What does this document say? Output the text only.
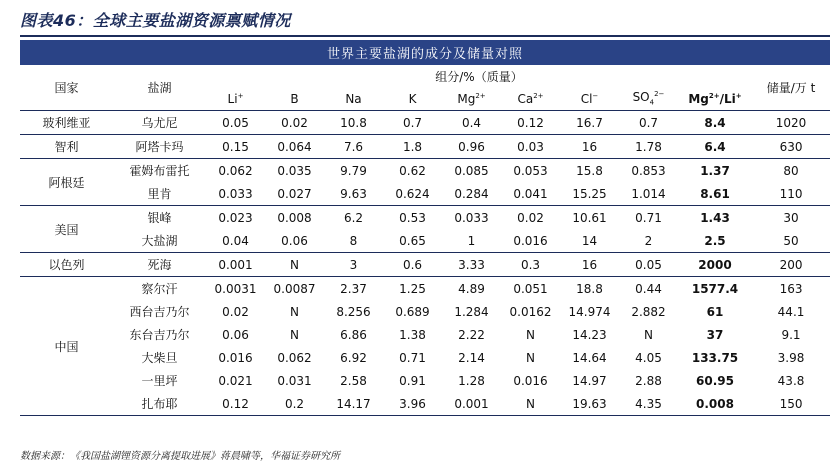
图表46：全球主要盐湖资源禀赋情况
世界主要盐湖的成分及储量对照											
国家	盐湖	组分/%（质量）									储量/万 t
		Li+	B	Na	K	$Mg^{2+}$	$Ca^{2+}$	Cl−	$SO_4^{2-}$	$Mg^{2+}/Li^+$
玻利维亚	乌尤尼	0.05	0.02	10.8	0.7	0.4	0.12	16.7	0.7	8.4	1020
智利	阿塔卡玛	0.15	0.064	7.6	1.8	0.96	0.03	16	1.78	6.4	630
阿根廷	霍姆布雷托	0.062	0.035	9.79	0.62	0.085	0.053	15.8	0.853	1.37	80
	里肯	0.033	0.027	9.63	0.624	0.284	0.041	15.25	1.014	8.61	110
美国	银峰	0.023	0.008	6.2	0.53	0.033	0.02	10.61	0.71	1.43	30
	大盐湖	0.04	0.06	8	0.65	1	0.016	14	2	2.5	50
以色列	死海	0.001	N	3	0.6	3.33	0.3	16	0.05	2000	200
中国	察尔汗	0.0031	0.0087	2.37	1.25	4.89	0.051	18.8	0.44	1577.4	163
	西台吉乃尔	0.02	N	8.256	0.689	1.284	0.0162	14.974	2.882	61	44.1
	东台吉乃尔	0.06	N	6.86	1.38	2.22	N	14.23	N	37	9.1
	大柴旦	0.016	0.062	6.92	0.71	2.14	N	14.64	4.05	133.75	3.98
	一里坪	0.021	0.031	2.58	0.91	1.28	0.016	14.97	2.88	60.95	43.8
	扎布耶	0.12	0.2	14.17	3.96	0.001	N	19.63	4.35	0.008	150
数据来源：《我国盐湖锂资源分离提取进展》蒋晨啸等，华福证券研究所
